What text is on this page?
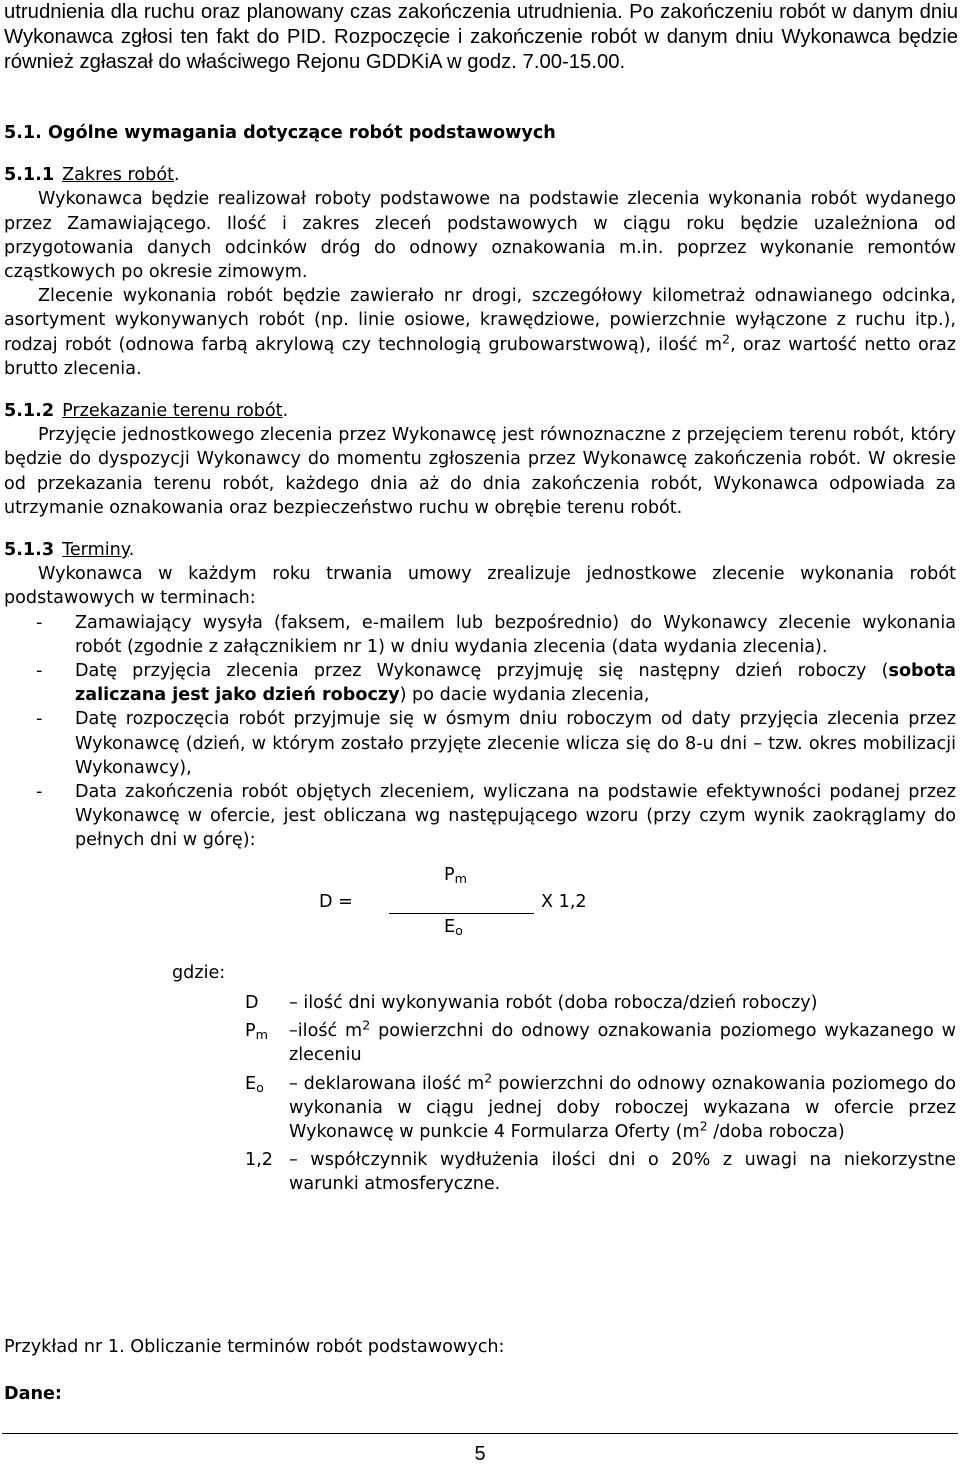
utrudnienia dla ruchu oraz planowany czas zakończenia utrudnienia. Po zakończeniu robót w danym dniu Wykonawca zgłosi ten fakt do PID. Rozpoczęcie i zakończenie robót w danym dniu Wykonawca będzie również zgłaszał do właściwego Rejonu GDDKiA w godz. 7.00-15.00.

5.1. Ogólne wymagania dotyczące robót podstawowych

5.1.1 Zakres robót.

Wykonawca będzie realizował roboty podstawowe na podstawie zlecenia wykonania robót wydanego przez Zamawiającego. Ilość i zakres zleceń podstawowych w ciągu roku będzie uzależniona od przygotowania danych odcinków dróg do odnowy oznakowania m.in. poprzez wykonanie remontów cząstkowych po okresie zimowym.

Zlecenie wykonania robót będzie zawierało nr drogi, szczegółowy kilometraż odnawianego odcinka, asortyment wykonywanych robót (np. linie osiowe, krawędziowe, powierzchnie wyłączone z ruchu itp.), rodzaj robót (odnowa farbą akrylową czy technologią grubowarstwową), ilość $m^2$, oraz wartość netto oraz brutto zlecenia.

5.1.2 Przekazanie terenu robót.

Przyjęcie jednostkowego zlecenia przez Wykonawcę jest równoznaczne z przejęciem terenu robót, który będzie do dyspozycji Wykonawcy do momentu zgłoszenia przez Wykonawcę zakończenia robót. W okresie od przekazania terenu robót, każdego dnia aż do dnia zakończenia robót, Wykonawca odpowiada za utrzymanie oznakowania oraz bezpieczeństwo ruchu w obrębie terenu robót.

5.1.3 Terminy.

Wykonawca w każdym roku trwania umowy zrealizuje jednostkowe zlecenie wykonania robót podstawowych w terminach:

- Zamawiający wysyła (faksem, e-mailem lub bezpośrednio) do Wykonawcy zlecenie wykonania robót (zgodnie z załącznikiem nr 1) w dniu wydania zlecenia (data wydania zlecenia).
- Datę przyjęcia zlecenia przez Wykonawcę przyjmuję się następny dzień roboczy (sobota zaliczana jest jako dzień roboczy) po dacie wydania zlecenia,
- Datę rozpoczęcia robót przyjmuje się w ósmym dniu roboczym od daty przyjęcia zlecenia przez Wykonawcę (dzień, w którym zostało przyjęte zlecenie wlicza się do 8-u dni – tzw. okres mobilizacji Wykonawcy),
- Data zakończenia robót objętych zleceniem, wyliczana na podstawie efektywności podanej przez Wykonawcę w ofercie, jest obliczana wg następującego wzoru (przy czym wynik zaokrąglamy do pełnych dni w górę):
D =
$P_m$
$E_o$
X 1,2
gdzie:
D	– ilość dni wykonywania robót (doba robocza/dzień roboczy)
$P_m$	–ilość $m^2$ powierzchni do odnowy oznakowania poziomego wykazanego w zleceniu
$E_o$	– deklarowana ilość $m^2$ powierzchni do odnowy oznakowania poziomego do wykonania w ciągu jednej doby roboczej wykazana w ofercie przez Wykonawcę w punkcie 4 Formularza Oferty ($m^2$ /doba robocza)
1,2 – współczynnik wydłużenia ilości dni o 20% z uwagi na niekorzystne warunki atmosferyczne.

Przykład nr 1. Obliczanie terminów robót podstawowych:

Dane:
5
